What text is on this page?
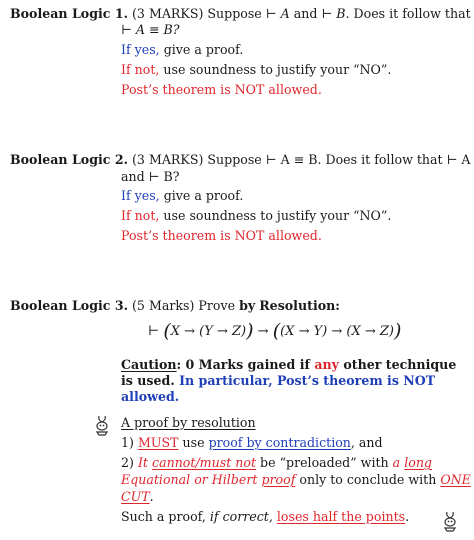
Boolean Logic 1. (3 MARKS) Suppose ⊢ A and ⊢ B. Does it follow that
⊢ A ≡ B?
If yes, give a proof.
If not, use soundness to justify your “NO”.
Post’s theorem is NOT allowed.
Boolean Logic 2. (3 MARKS) Suppose ⊢ A ≡ B. Does it follow that ⊢ A
and ⊢ B?
If yes, give a proof.
If not, use soundness to justify your “NO”.
Post’s theorem is NOT allowed.
Boolean Logic 3. (5 Marks) Prove by Resolution:
⊢ (X → (Y → Z)) → ((X → Y) → (X → Z))
Caution: 0 Marks gained if any other technique
is used. In particular, Post’s theorem is NOT
allowed.
A proof by resolution
1) MUST use proof by contradiction, and
2) It cannot/must not be “preloaded” with a long
Equational or Hilbert proof only to conclude with ONE
CUT.
Such a proof, if correct, loses half the points.
